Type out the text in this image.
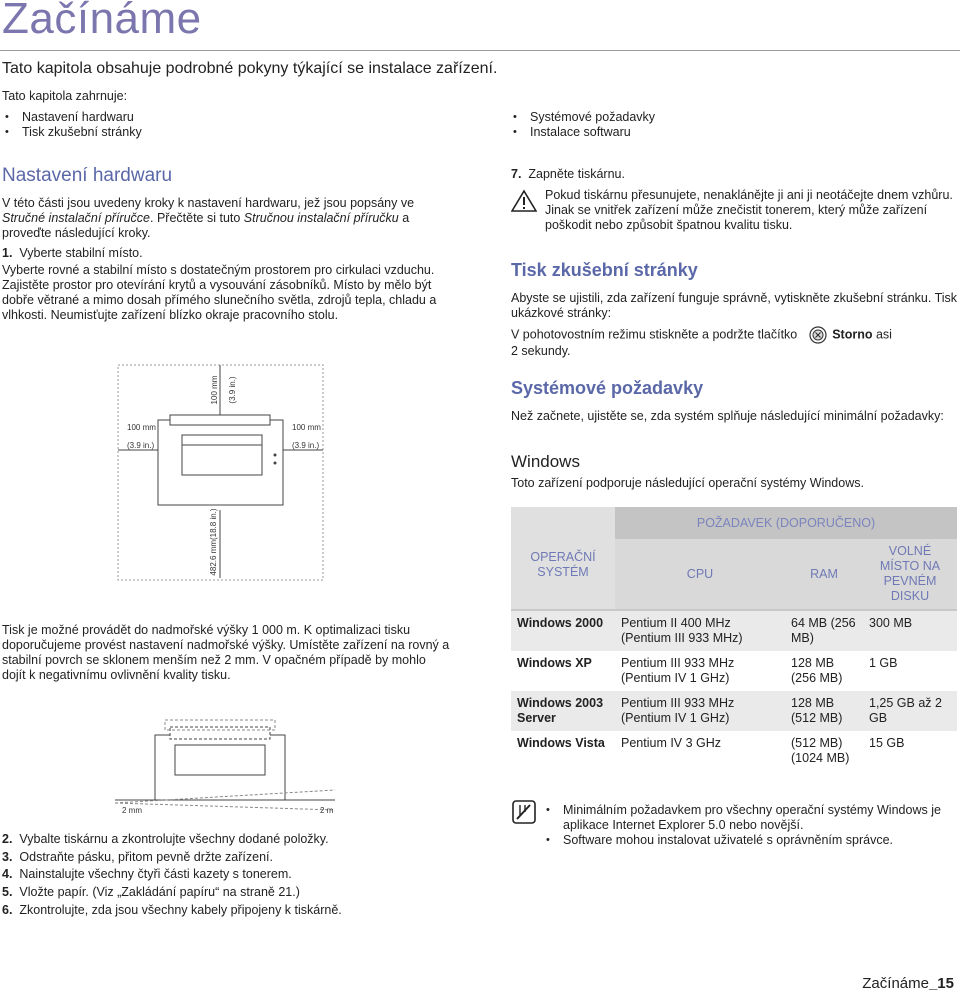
Začínáme
Tato kapitola obsahuje podrobné pokyny týkající se instalace zařízení.
Tato kapitola zahrnuje:
• Nastavení hardwaru
• Tisk zkušební stránky
• Systémové požadavky
• Instalace softwaru
Nastavení hardwaru
V této části jsou uvedeny kroky k nastavení hardwaru, jež jsou popsány ve Stručné instalační příručce. Přečtěte si tuto Stručnou instalační příručku a proveďte následující kroky.
1. Vyberte stabilní místo.
Vyberte rovné a stabilní místo s dostatečným prostorem pro cirkulaci vzduchu. Zajistěte prostor pro otevírání krytů a vysouvání zásobníků. Místo by mělo být dobře větrané a mimo dosah přímého slunečního světla, zdrojů tepla, chladu a vlhkosti. Neumisťujte zařízení blízko okraje pracovního stolu.
100 mm (3.9 in.)
100 mm
(3.9 in.)
100 mm
(3.9 in.)
482.6 mm(18.8 in.)
Tisk je možné provádět do nadmořské výšky 1 000 m. K optimalizaci tisku doporučujeme provést nastavení nadmořské výšky. Umístěte zařízení na rovný a stabilní povrch se sklonem menším než 2 mm. V opačném případě by mohlo dojít k negativnímu ovlivnění kvality tisku.
2 mm	2 m
2. Vybalte tiskárnu a zkontrolujte všechny dodané položky.
3. Odstraňte pásku, přitom pevně držte zařízení.
4. Nainstalujte všechny čtyři části kazety s tonerem.
5. Vložte papír. (Viz „Zakládání papíru“ na straně 21.)
6. Zkontrolujte, zda jsou všechny kabely připojeny k tiskárně.
7. Zapněte tiskárnu.
Pokud tiskárnu přesunujete, nenaklánějte ji ani ji neotáčejte dnem vzhůru. Jinak se vnitřek zařízení může znečistit tonerem, který může zařízení poškodit nebo způsobit špatnou kvalitu tisku.
Tisk zkušební stránky
Abyste se ujistili, zda zařízení funguje správně, vytiskněte zkušební stránku. Tisk ukázkové stránky:
V pohotovostním režimu stiskněte a podržte tlačítko	Storno asi
2 sekundy.
Systémové požadavky
Než začnete, ujistěte se, zda systém splňuje následující minimální požadavky:
Windows
Toto zařízení podporuje následující operační systémy Windows.
OPERAČNÍ SYSTÉM	POŽADAVEK (DOPORUČENO)		
	CPU	RAM	VOLNÉ MÍSTO NA PEVNÉM DISKU
Windows 2000	Pentium II 400 MHz (Pentium III 933 MHz)	64 MB (256 MB)	300 MB
Windows XP	Pentium III 933 MHz (Pentium IV 1 GHz)	128 MB (256 MB)	1 GB
Windows 2003 Server	Pentium III 933 MHz (Pentium IV 1 GHz)	128 MB (512 MB)	1,25 GB až 2 GB
Windows Vista	Pentium IV 3 GHz	(512 MB) (1024 MB)	15 GB
• Minimálním požadavkem pro všechny operační systémy Windows je aplikace Internet Explorer 5.0 nebo novější.
• Software mohou instalovat uživatelé s oprávněním správce.
Začínáme_15
